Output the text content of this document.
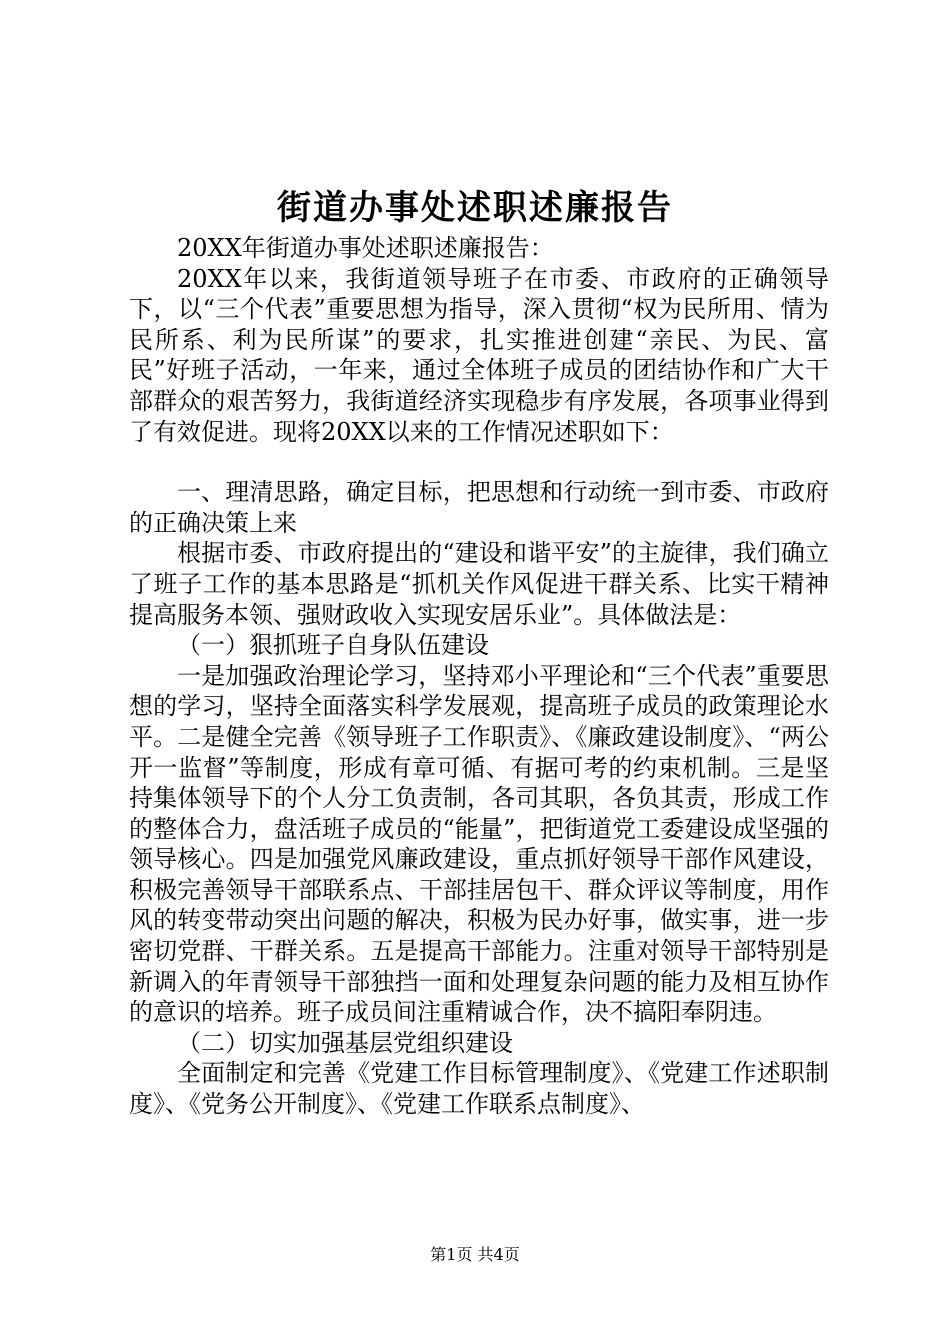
街道办事处述职述廉报告

20XX年街道办事处述职述廉报告：

20XX年以来，我街道领导班子在市委、市政府的正确领导下，以“三个代表”重要思想为指导，深入贯彻“权为民所用、情为民所系、利为民所谋”的要求，扎实推进创建“亲民、为民、富民”好班子活动，一年来，通过全体班子成员的团结协作和广大干部群众的艰苦努力，我街道经济实现稳步有序发展，各项事业得到了有效促进。现将20XX以来的工作情况述职如下：

一、理清思路，确定目标，把思想和行动统一到市委、市政府的正确决策上来

根据市委、市政府提出的“建设和谐平安”的主旋律，我们确立了班子工作的基本思路是“抓机关作风促进干群关系、比实干精神提高服务本领、强财政收入实现安居乐业”。具体做法是：

（一）狠抓班子自身队伍建设

一是加强政治理论学习，坚持邓小平理论和“三个代表”重要思想的学习，坚持全面落实科学发展观，提高班子成员的政策理论水平。二是健全完善《领导班子工作职责》、《廉政建设制度》、“两公开一监督”等制度，形成有章可循、有据可考的约束机制。三是坚持集体领导下的个人分工负责制，各司其职，各负其责，形成工作的整体合力，盘活班子成员的“能量”，把街道党工委建设成坚强的领导核心。四是加强党风廉政建设，重点抓好领导干部作风建设，积极完善领导干部联系点、干部挂居包干、群众评议等制度，用作风的转变带动突出问题的解决，积极为民办好事，做实事，进一步密切党群、干群关系。五是提高干部能力。注重对领导干部特别是新调入的年青领导干部独挡一面和处理复杂问题的能力及相互协作的意识的培养。班子成员间注重精诚合作，决不搞阳奉阴违。

（二）切实加强基层党组织建设

全面制定和完善《党建工作目标管理制度》、《党建工作述职制度》、《党务公开制度》、《党建工作联系点制度》、

第1页 共4页
